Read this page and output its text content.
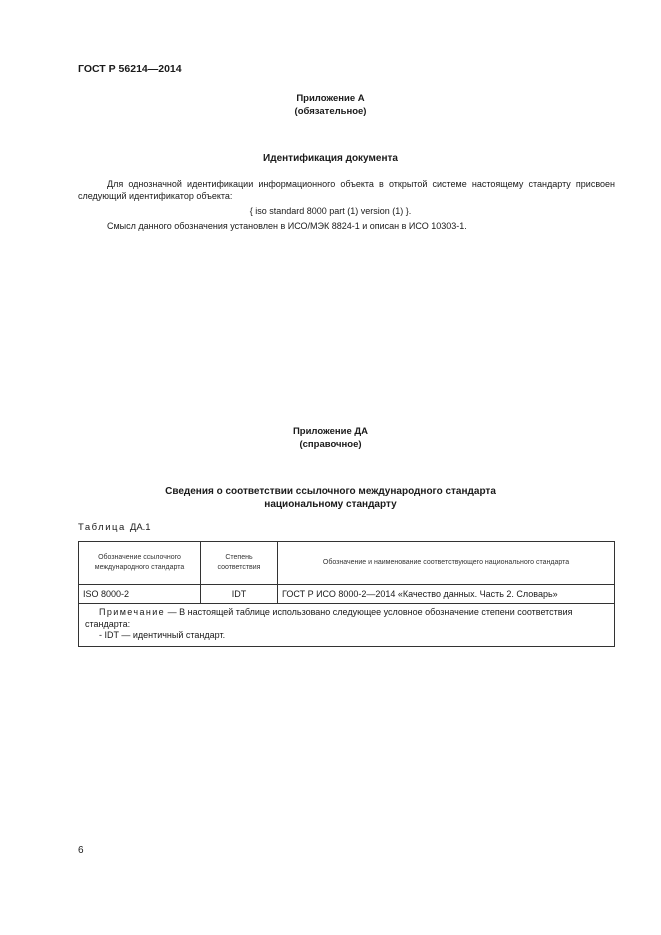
ГОСТ Р 56214—2014
Приложение А
(обязательное)
Идентификация документа
Для однозначной идентификации информационного объекта в открытой системе настоящему стандарту присвоен следующий идентификатор объекта:
{ iso standard 8000 part (1) version (1) }.
Смысл данного обозначения установлен в ИСО/МЭК 8824-1 и описан в ИСО 10303-1.
Приложение ДА
(справочное)
Сведения о соответствии ссылочного международного стандарта
национальному стандарту
Таблица ДА.1
Обозначение ссылочного международного стандарта	Степень соответствия	Обозначение и наименование соответствующего национального стандарта
ISO 8000-2	IDT	ГОСТ Р ИСО 8000-2—2014 «Качество данных. Часть 2. Словарь»
Примечание — В настоящей таблице использовано следующее условное обозначение степени соответствия стандарта:
- IDT — идентичный стандарт.		
6
